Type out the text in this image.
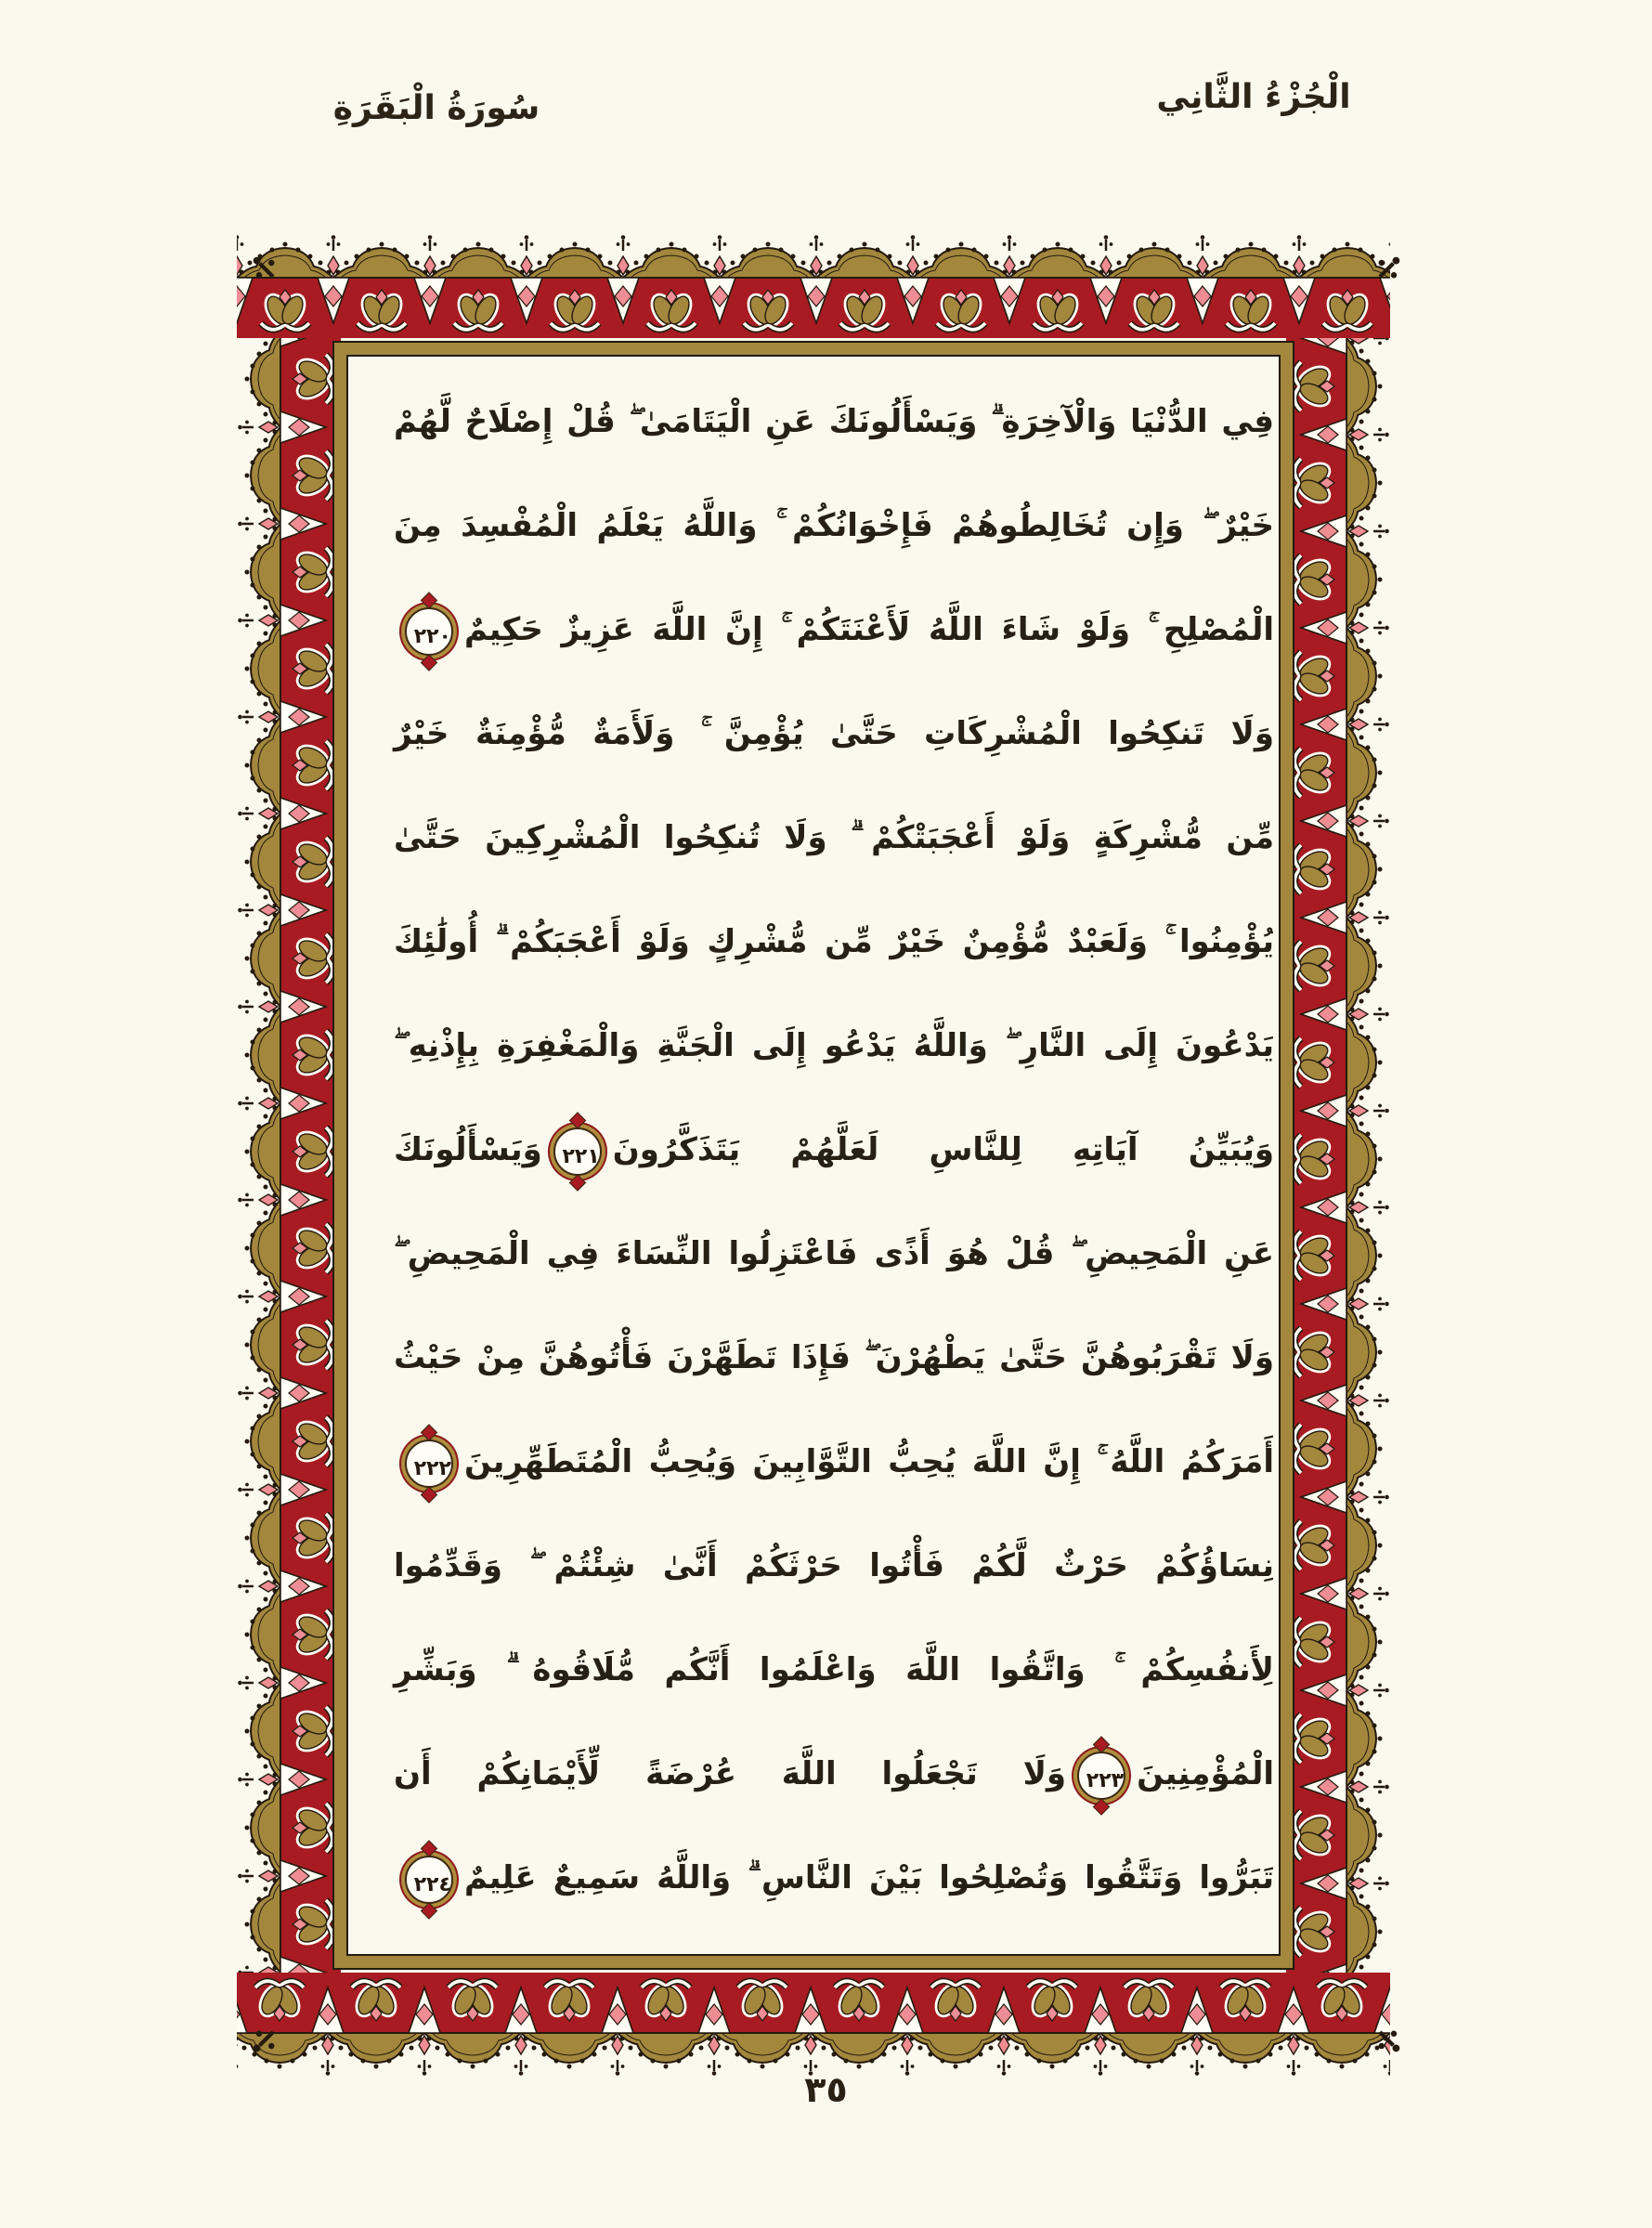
سُورَةُ الْبَقَرَةِ	الْجُزْءُ الثَّانِي
فِي الدُّنْيَا وَالْآخِرَةِ ۗ وَيَسْأَلُونَكَ عَنِ الْيَتَامَىٰ ۖ قُلْ إِصْلَاحٌ لَّهُمْ
خَيْرٌ ۖ وَإِن تُخَالِطُوهُمْ فَإِخْوَانُكُمْ ۚ وَاللَّهُ يَعْلَمُ الْمُفْسِدَ مِنَ
الْمُصْلِحِ ۚ وَلَوْ شَاءَ اللَّهُ لَأَعْنَتَكُمْ ۚ إِنَّ اللَّهَ عَزِيزٌ حَكِيمٌ٢٢٠
وَلَا تَنكِحُوا الْمُشْرِكَاتِ حَتَّىٰ يُؤْمِنَّ ۚ وَلَأَمَةٌ مُّؤْمِنَةٌ خَيْرٌ
مِّن مُّشْرِكَةٍ وَلَوْ أَعْجَبَتْكُمْ ۗ وَلَا تُنكِحُوا الْمُشْرِكِينَ حَتَّىٰ
يُؤْمِنُوا ۚ وَلَعَبْدٌ مُّؤْمِنٌ خَيْرٌ مِّن مُّشْرِكٍ وَلَوْ أَعْجَبَكُمْ ۗ أُولَٰئِكَ
يَدْعُونَ إِلَى النَّارِ ۖ وَاللَّهُ يَدْعُو إِلَى الْجَنَّةِ وَالْمَغْفِرَةِ بِإِذْنِهِ ۖ
وَيُبَيِّنُ آيَاتِهِ لِلنَّاسِ لَعَلَّهُمْ يَتَذَكَّرُونَ٢٢١وَيَسْأَلُونَكَ
عَنِ الْمَحِيضِ ۖ قُلْ هُوَ أَذًى فَاعْتَزِلُوا النِّسَاءَ فِي الْمَحِيضِ ۖ
وَلَا تَقْرَبُوهُنَّ حَتَّىٰ يَطْهُرْنَ ۖ فَإِذَا تَطَهَّرْنَ فَأْتُوهُنَّ مِنْ حَيْثُ
أَمَرَكُمُ اللَّهُ ۚ إِنَّ اللَّهَ يُحِبُّ التَّوَّابِينَ وَيُحِبُّ الْمُتَطَهِّرِينَ٢٢٢
نِسَاؤُكُمْ حَرْثٌ لَّكُمْ فَأْتُوا حَرْثَكُمْ أَنَّىٰ شِئْتُمْ ۖ وَقَدِّمُوا
لِأَنفُسِكُمْ ۚ وَاتَّقُوا اللَّهَ وَاعْلَمُوا أَنَّكُم مُّلَاقُوهُ ۗ وَبَشِّرِ
الْمُؤْمِنِينَ٢٢٣وَلَا تَجْعَلُوا اللَّهَ عُرْضَةً لِّأَيْمَانِكُمْ أَن
تَبَرُّوا وَتَتَّقُوا وَتُصْلِحُوا بَيْنَ النَّاسِ ۗ وَاللَّهُ سَمِيعٌ عَلِيمٌ٢٢٤
٣٥
